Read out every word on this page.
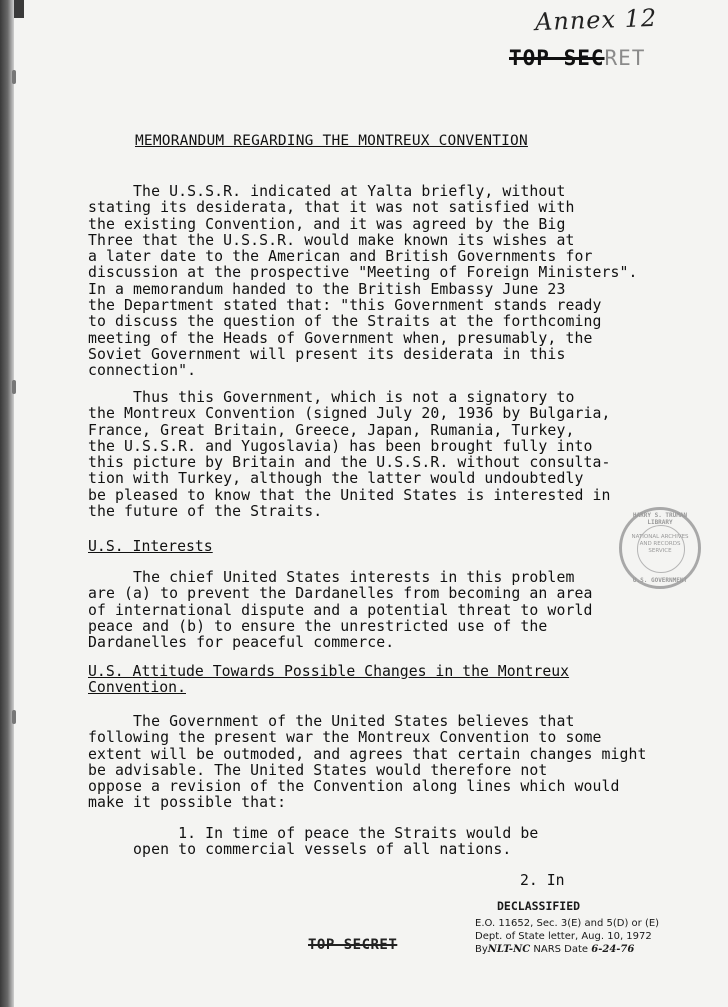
Annex 12
TOP SECRET
MEMORANDUM REGARDING THE MONTREUX CONVENTION

The U.S.S.R. indicated at Yalta briefly, without
stating its desiderata, that it was not satisfied with
the existing Convention, and it was agreed by the Big
Three that the U.S.S.R. would make known its wishes at
a later date to the American and British Governments for
discussion at the prospective "Meeting of Foreign Ministers".
In a memorandum handed to the British Embassy June 23
the Department stated that: "this Government stands ready
to discuss the question of the Straits at the forthcoming
meeting of the Heads of Government when, presumably, the
Soviet Government will present its desiderata in this
connection".

Thus this Government, which is not a signatory to
the Montreux Convention (signed July 20, 1936 by Bulgaria,
France, Great Britain, Greece, Japan, Rumania, Turkey,
the U.S.S.R. and Yugoslavia) has been brought fully into
this picture by Britain and the U.S.S.R. without consulta-
tion with Turkey, although the latter would undoubtedly
be pleased to know that the United States is interested in
the future of the Straits.

U.S. Interests

The chief United States interests in this problem
are (a) to prevent the Dardanelles from becoming an area
of international dispute and a potential threat to world
peace and (b) to ensure the unrestricted use of the
Dardanelles for peaceful commerce.

U.S. Attitude Towards Possible Changes in the Montreux
Convention.

The Government of the United States believes that
following the present war the Montreux Convention to some
extent will be outmoded, and agrees that certain changes might
be advisable. The United States would therefore not
oppose a revision of the Convention along lines which would
make it possible that:

1. In time of peace the Straits would be
open to commercial vessels of all nations.

HARRY S. TRUMAN LIBRARY
NATIONAL ARCHIVES AND RECORDS SERVICE
U.S. GOVERNMENT
2. In
DECLASSIFIED
E.O. 11652, Sec. 3(E) and 5(D) or (E)
Dept. of State letter, Aug. 10, 1972
ByNLT-NC NARS Date 6-24-76
TOP SECRET
